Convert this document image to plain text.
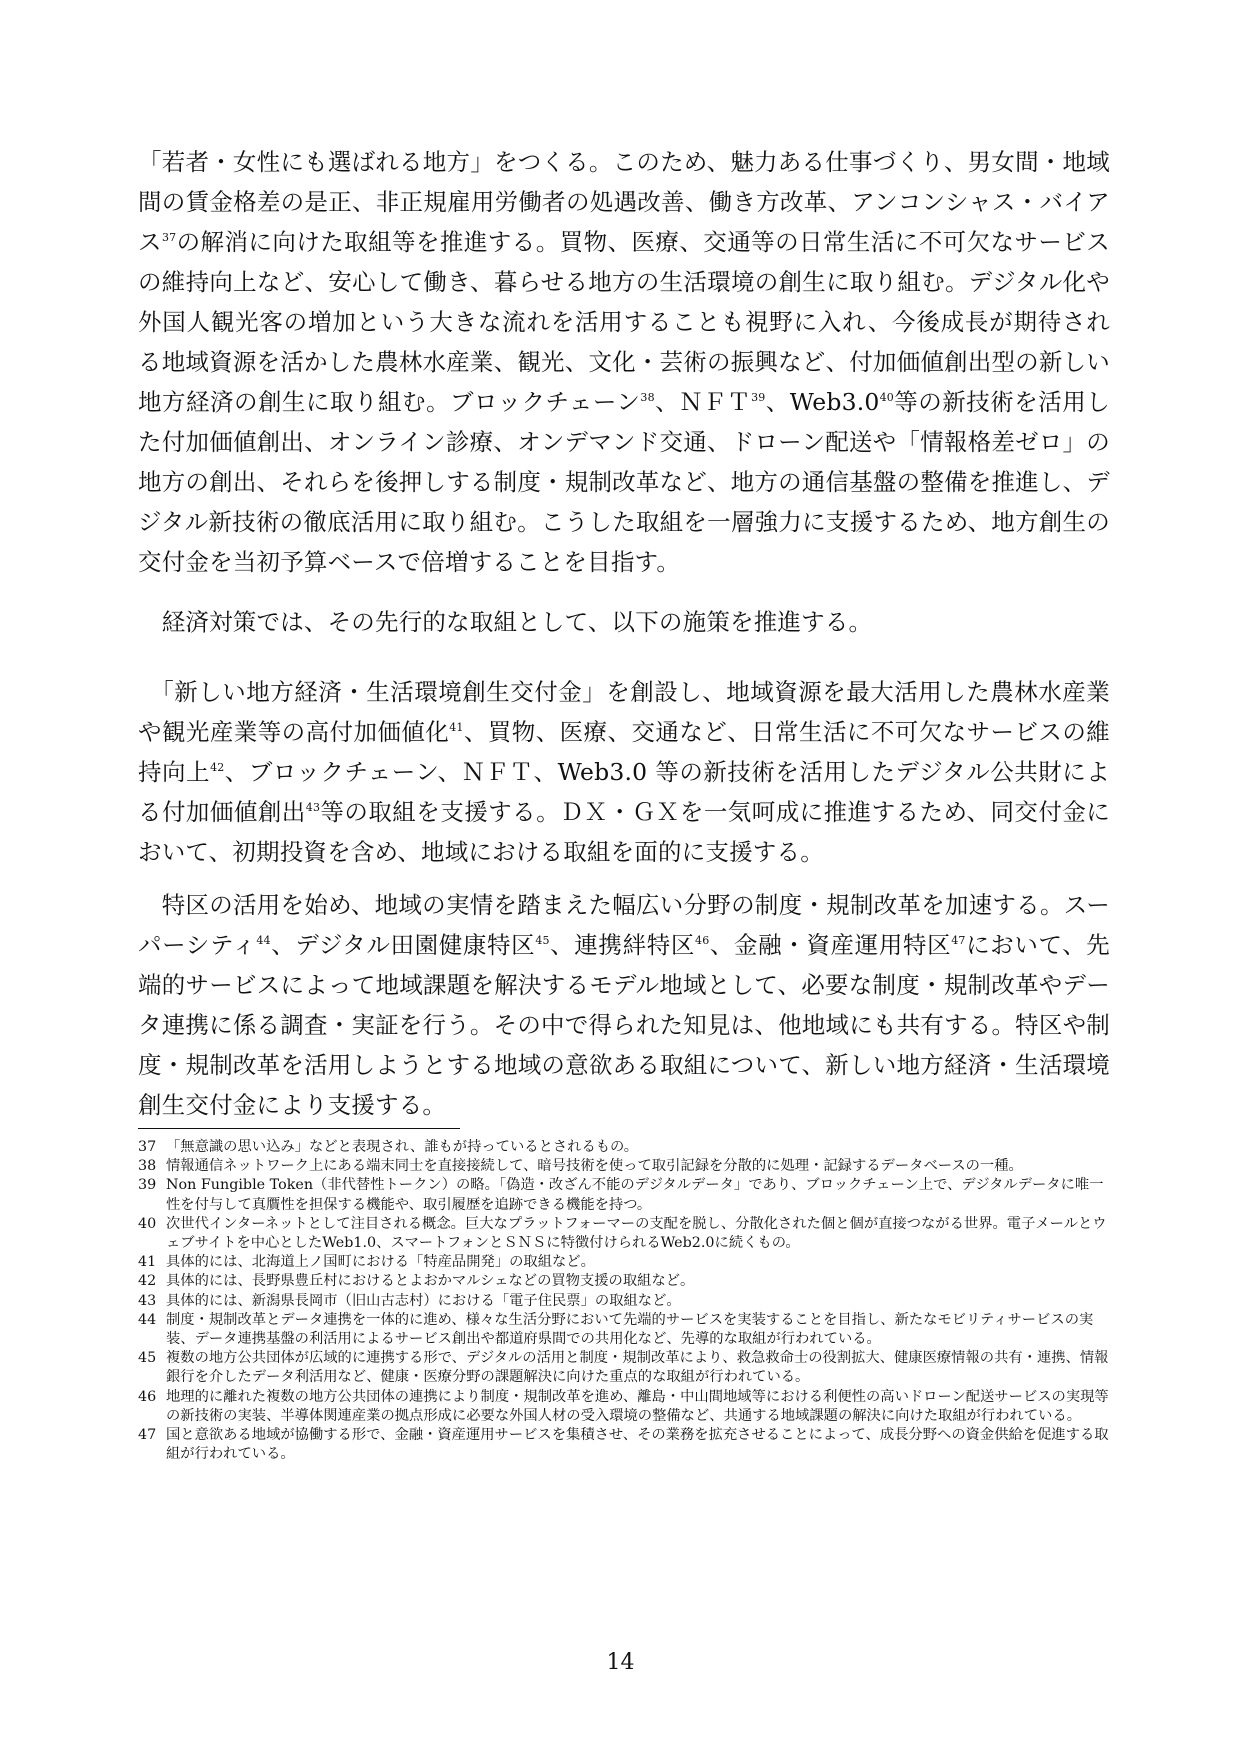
「若者・女性にも選ばれる地方」をつくる。このため、魅力ある仕事づくり、男女間・地域間の賃金格差の是正、非正規雇用労働者の処遇改善、働き方改革、アンコンシャス・バイアス$^{37}$の解消に向けた取組等を推進する。買物、医療、交通等の日常生活に不可欠なサービスの維持向上など、安心して働き、暮らせる地方の生活環境の創生に取り組む。デジタル化や外国人観光客の増加という大きな流れを活用することも視野に入れ、今後成長が期待される地域資源を活かした農林水産業、観光、文化・芸術の振興など、付加価値創出型の新しい地方経済の創生に取り組む。ブロックチェーン$^{38}$、ＮＦＴ$^{39}$、$Web3.0^{40}$等の新技術を活用した付加価値創出、オンライン診療、オンデマンド交通、ドローン配送や「情報格差ゼロ」の地方の創出、それらを後押しする制度・規制改革など、地方の通信基盤の整備を推進し、デジタル新技術の徹底活用に取り組む。こうした取組を一層強力に支援するため、地方創生の交付金を当初予算ベースで倍増することを目指す。

　経済対策では、その先行的な取組として、以下の施策を推進する。

　「新しい地方経済・生活環境創生交付金」を創設し、地域資源を最大活用した農林水産業や観光産業等の高付加価値化$^{41}$、買物、医療、交通など、日常生活に不可欠なサービスの維持向上$^{42}$、ブロックチェーン、ＮＦＴ、Web3.0 等の新技術を活用したデジタル公共財による付加価値創出$^{43}$等の取組を支援する。ＤＸ・ＧＸを一気呵成に推進するため、同交付金において、初期投資を含め、地域における取組を面的に支援する。

　特区の活用を始め、地域の実情を踏まえた幅広い分野の制度・規制改革を加速する。スーパーシティ$^{44}$、デジタル田園健康特区$^{45}$、連携絆特区$^{46}$、金融・資産運用特区$^{47}$において、先端的サービスによって地域課題を解決するモデル地域として、必要な制度・規制改革やデータ連携に係る調査・実証を行う。その中で得られた知見は、他地域にも共有する。特区や制度・規制改革を活用しようとする地域の意欲ある取組について、新しい地方経済・生活環境創生交付金により支援する。

37 「無意識の思い込み」などと表現され、誰もが持っているとされるもの。
38 情報通信ネットワーク上にある端末同士を直接接続して、暗号技術を使って取引記録を分散的に処理・記録するデータベースの一種。
39 Non Fungible Token（非代替性トークン）の略。「偽造・改ざん不能のデジタルデータ」であり、ブロックチェーン上で、デジタルデータに唯一性を付与して真贋性を担保する機能や、取引履歴を追跡できる機能を持つ。
40 次世代インターネットとして注目される概念。巨大なプラットフォーマーの支配を脱し、分散化された個と個が直接つながる世界。電子メールとウェブサイトを中心としたWeb1.0、スマートフォンとＳＮＳに特徴付けられるWeb2.0に続くもの。
41 具体的には、北海道上ノ国町における「特産品開発」の取組など。
42 具体的には、長野県豊丘村におけるとよおかマルシェなどの買物支援の取組など。
43 具体的には、新潟県長岡市（旧山古志村）における「電子住民票」の取組など。
44 制度・規制改革とデータ連携を一体的に進め、様々な生活分野において先端的サービスを実装することを目指し、新たなモビリティサービスの実装、データ連携基盤の利活用によるサービス創出や都道府県間での共用化など、先導的な取組が行われている。
45 複数の地方公共団体が広域的に連携する形で、デジタルの活用と制度・規制改革により、救急救命士の役割拡大、健康医療情報の共有・連携、情報銀行を介したデータ利活用など、健康・医療分野の課題解決に向けた重点的な取組が行われている。
46 地理的に離れた複数の地方公共団体の連携により制度・規制改革を進め、離島・中山間地域等における利便性の高いドローン配送サービスの実現等の新技術の実装、半導体関連産業の拠点形成に必要な外国人材の受入環境の整備など、共通する地域課題の解決に向けた取組が行われている。
47 国と意欲ある地域が協働する形で、金融・資産運用サービスを集積させ、その業務を拡充させることによって、成長分野への資金供給を促進する取組が行われている。
14
